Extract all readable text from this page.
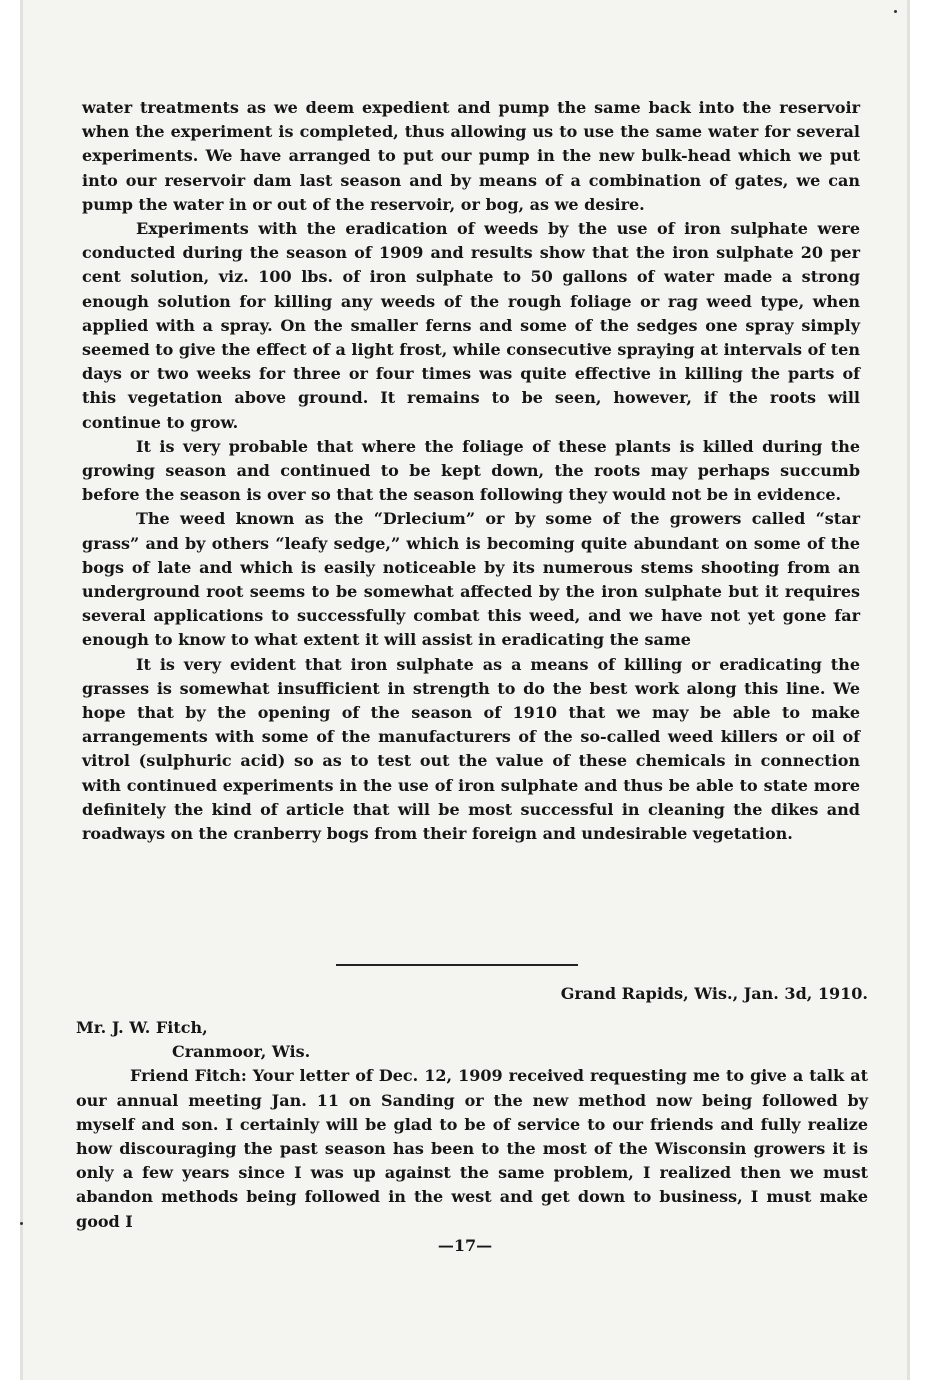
water treatments as we deem expedient and pump the same back into the reservoir when the experiment is completed, thus allowing us to use the same water for several experiments. We have arranged to put our pump in the new bulk-head which we put into our reservoir dam last season and by means of a combination of gates, we can pump the water in or out of the reservoir, or bog, as we desire.

Experiments with the eradication of weeds by the use of iron sulphate were conducted during the season of 1909 and results show that the iron sulphate 20 per cent solution, viz. 100 lbs. of iron sulphate to 50 gallons of water made a strong enough solution for killing any weeds of the rough foliage or rag weed type, when applied with a spray. On the smaller ferns and some of the sedges one spray simply seemed to give the effect of a light frost, while consecutive spraying at intervals of ten days or two weeks for three or four times was quite effective in killing the parts of this vegetation above ground. It remains to be seen, however, if the roots will continue to grow.

It is very probable that where the foliage of these plants is killed during the growing season and continued to be kept down, the roots may perhaps succumb before the season is over so that the season following they would not be in evidence.

The weed known as the “Drlecium” or by some of the growers called “star grass” and by others “leafy sedge,” which is becoming quite abundant on some of the bogs of late and which is easily noticeable by its numerous stems shooting from an underground root seems to be somewhat affected by the iron sulphate but it requires several applications to successfully combat this weed, and we have not yet gone far enough to know to what extent it will assist in eradicating the same

It is very evident that iron sulphate as a means of killing or eradicating the grasses is somewhat insufficient in strength to do the best work along this line. We hope that by the opening of the season of 1910 that we may be able to make arrangements with some of the manufacturers of the so-called weed killers or oil of vitrol (sulphuric acid) so as to test out the value of these chemicals in connection with continued experiments in the use of iron sulphate and thus be able to state more definitely the kind of article that will be most successful in cleaning the dikes and roadways on the cranberry bogs from their foreign and undesirable vegetation.

Grand Rapids, Wis., Jan. 3d, 1910.

Mr. J. W. Fitch,

Cranmoor, Wis.

Friend Fitch: Your letter of Dec. 12, 1909 received requesting me to give a talk at our annual meeting Jan. 11 on Sanding or the new method now being followed by myself and son. I certainly will be glad to be of service to our friends and fully realize how discouraging the past season has been to the most of the Wisconsin growers it is only a few years since I was up against the same problem, I realized then we must abandon methods being followed in the west and get down to business, I must make good I

—17—
